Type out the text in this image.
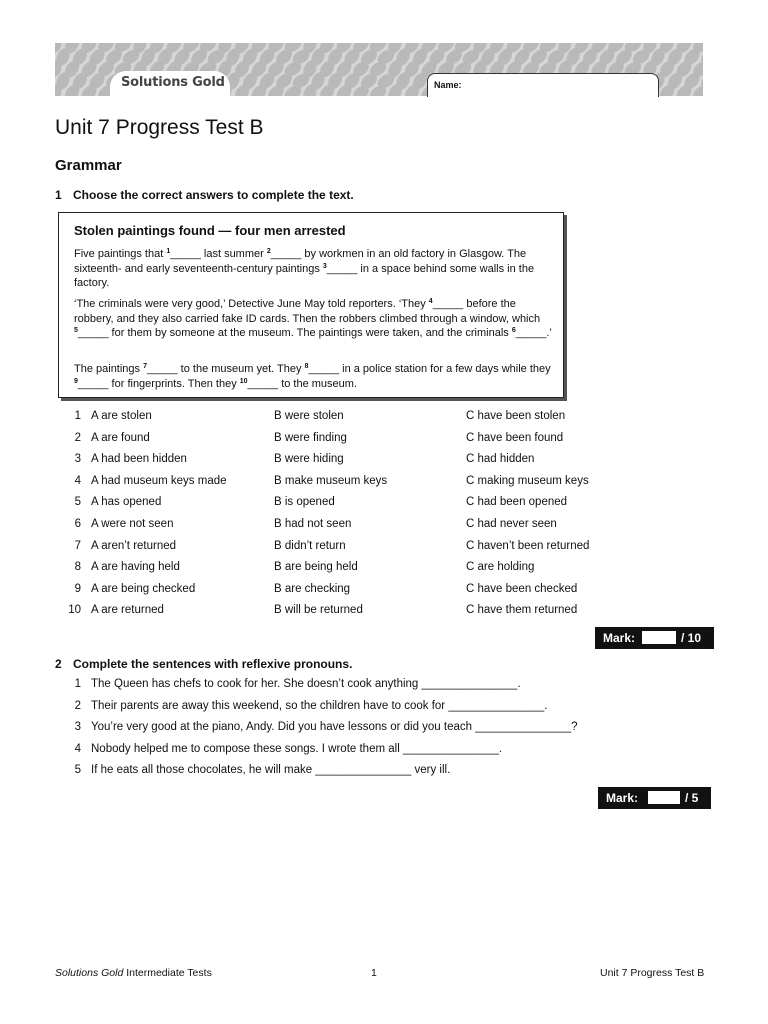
Solutions Gold	Name:
Unit 7 Progress Test B
Grammar
1 Choose the correct answers to complete the text.
Stolen paintings found — four men arrested

Five paintings that $^1$_____ last summer $^2$_____ by workmen in an old factory in Glasgow. The sixteenth- and early seventeenth-century paintings $^3$_____ in a space behind some walls in the factory.

‘The criminals were very good,’ Detective June May told reporters. ‘They $^4$_____ before the robbery, and they also carried fake ID cards. Then the robbers climbed through a window, which $^5$_____ for them by someone at the museum. The paintings were taken, and the criminals $^6$_____.’

The paintings $^7$_____ to the museum yet. They $^8$_____ in a police station for a few days while they $^9$_____ for fingerprints. Then they $^{10}$_____ to the museum.

1 A are stolen	B were stolen	C have been stolen
2 A are found	B were finding	C have been found
3 A had been hidden	B were hiding	C had hidden
4 A had museum keys made	B make museum keys	C making museum keys
5 A has opened	B is opened	C had been opened
6 A were not seen	B had not seen	C had never seen
7 A aren’t returned	B didn’t return	C haven’t been returned
8 A are having held	B are being held	C are holding
9 A are being checked	B are checking	C have been checked
10 A are returned	B will be returned	C have them returned
Mark:	/ 10
2 Complete the sentences with reflexive pronouns.
1 The Queen has chefs to cook for her. She doesn’t cook anything _______________.
2 Their parents are away this weekend, so the children have to cook for _______________.
3 You’re very good at the piano, Andy. Did you have lessons or did you teach _______________?
4 Nobody helped me to compose these songs. I wrote them all _______________.
5 If he eats all those chocolates, he will make _______________ very ill.
Mark:	/ 5
Solutions Gold Intermediate Tests	1	Unit 7 Progress Test B
